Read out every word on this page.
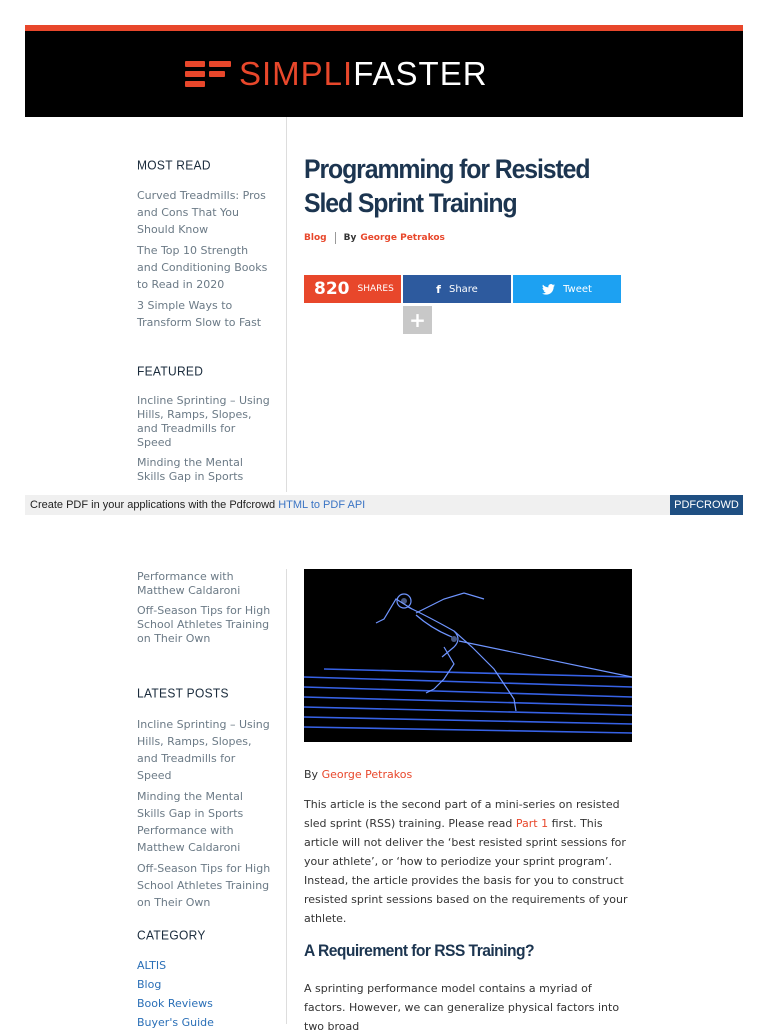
SIMPLIFASTER
MOST READ
Curved Treadmills: Pros and Cons That You Should Know
The Top 10 Strength and Conditioning Books to Read in 2020
3 Simple Ways to Transform Slow to Fast
FEATURED
Incline Sprinting – Using Hills, Ramps, Slopes, and Treadmills for Speed
Minding the Mental Skills Gap in Sports
Create PDF in your applications with the Pdfcrowd HTML to PDF API	PDFCROWD
Performance with Matthew Caldaroni
Off-Season Tips for High School Athletes Training on Their Own
LATEST POSTS
Incline Sprinting – Using Hills, Ramps, Slopes, and Treadmills for Speed
Minding the Mental Skills Gap in Sports Performance with Matthew Caldaroni
Off-Season Tips for High School Athletes Training on Their Own
CATEGORY
ALTIS
Blog
Book Reviews
Buyer's Guide
Programming for Resisted Sled Sprint Training
Blog By George Petrakos
820 SHARES	f Share	Tweet
+
By George Petrakos

This article is the second part of a mini-series on resisted sled sprint (RSS) training. Please read Part 1 first. This article will not deliver the ‘best resisted sprint sessions for your athlete’, or ‘how to periodize your sprint program’. Instead, the article provides the basis for you to construct resisted sprint sessions based on the requirements of your athlete.

A Requirement for RSS Training?

A sprinting performance model contains a myriad of factors. However, we can generalize physical factors into two broad
